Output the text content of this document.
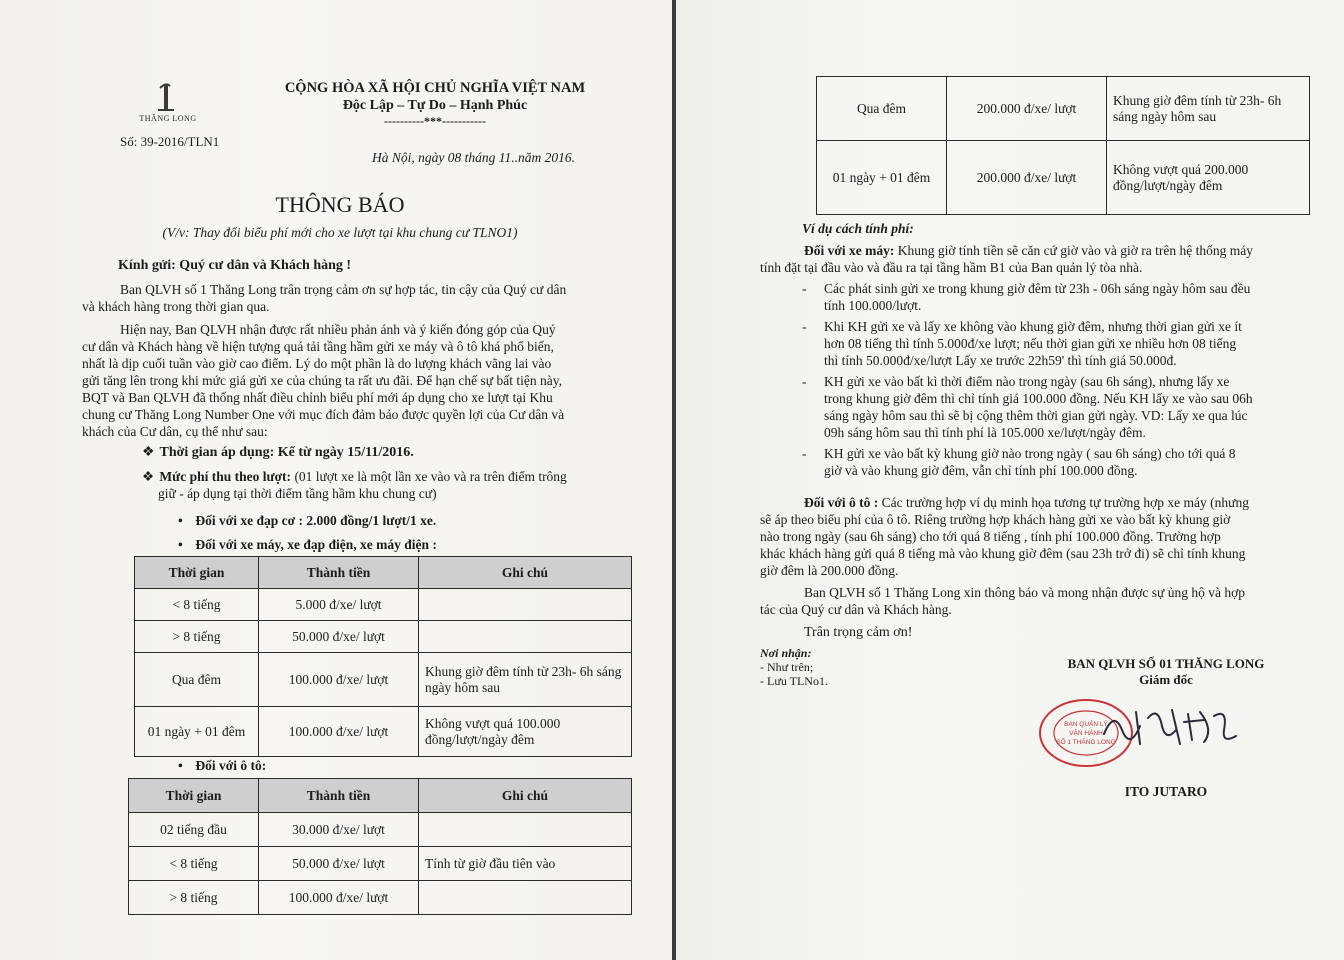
THĂNG LONG
Số: 39-2016/TLN1
CỘNG HÒA XÃ HỘI CHỦ NGHĨA VIỆT NAM
Độc Lập – Tự Do – Hạnh Phúc
----------***-----------
Hà Nội, ngày 08 tháng 11..năm 2016.
THÔNG BÁO
(V/v: Thay đổi biểu phí mới cho xe lượt tại khu chung cư TLNO1)
Kính gửi: Quý cư dân và Khách hàng !
Ban QLVH số 1 Thăng Long trân trọng cảm ơn sự hợp tác, tin cậy của Quý cư dân
và khách hàng trong thời gian qua.
Hiện nay, Ban QLVH nhận được rất nhiều phản ánh và ý kiến đóng góp của Quý
cư dân và Khách hàng về hiện tượng quá tải tầng hầm gửi xe máy và ô tô khá phổ biến,
nhất là dịp cuối tuần vào giờ cao điểm. Lý do một phần là do lượng khách vãng lai vào
gửi tăng lên trong khi mức giá gửi xe của chúng ta rất ưu đãi. Để hạn chế sự bất tiện này,
BQT và Ban QLVH đã thống nhất điều chỉnh biểu phí mới áp dụng cho xe lượt tại Khu
chung cư Thăng Long Number One với mục đích đảm bảo được quyền lợi của Cư dân và
khách của Cư dân, cụ thể như sau:
❖ Thời gian áp dụng: Kể từ ngày 15/11/2016.
❖ Mức phí thu theo lượt: (01 lượt xe là một lần xe vào và ra trên điểm trông
giữ - áp dụng tại thời điểm tầng hầm khu chung cư)
• Đối với xe đạp cơ : 2.000 đồng/1 lượt/1 xe.
• Đối với xe máy, xe đạp điện, xe máy điện :
Thời gian	Thành tiền	Ghi chú
< 8 tiếng	5.000 đ/xe/ lượt	
> 8 tiếng	50.000 đ/xe/ lượt	
Qua đêm	100.000 đ/xe/ lượt	Khung giờ đêm tính từ 23h- 6h sáng ngày hôm sau
01 ngày + 01 đêm	100.000 đ/xe/ lượt	Không vượt quá 100.000 đồng/lượt/ngày đêm
• Đối với ô tô:
Thời gian	Thành tiền	Ghi chú
02 tiếng đầu	30.000 đ/xe/ lượt	
< 8 tiếng	50.000 đ/xe/ lượt	Tính từ giờ đầu tiên vào
> 8 tiếng	100.000 đ/xe/ lượt	
Qua đêm	200.000 đ/xe/ lượt	Khung giờ đêm tính từ 23h- 6h sáng ngày hôm sau
01 ngày + 01 đêm	200.000 đ/xe/ lượt	Không vượt quá 200.000 đồng/lượt/ngày đêm
Ví dụ cách tính phí:
Đối với xe máy: Khung giờ tính tiền sẽ căn cứ giờ vào và giờ ra trên hệ thống máy
tính đặt tại đầu vào và đầu ra tại tầng hầm B1 của Ban quản lý tòa nhà.
- Các phát sinh gửi xe trong khung giờ đêm từ 23h - 06h sáng ngày hôm sau đều
tính 100.000/lượt.
- Khi KH gửi xe và lấy xe không vào khung giờ đêm, nhưng thời gian gửi xe ít
hơn 08 tiếng thì tính 5.000đ/xe lượt; nếu thời gian gửi xe nhiều hơn 08 tiếng
thì tính 50.000đ/xe/lượt Lấy xe trước 22h59' thì tính giá 50.000đ.
- KH gửi xe vào bất kì thời điểm nào trong ngày (sau 6h sáng), nhưng lấy xe
trong khung giờ đêm thì chỉ tính giá 100.000 đồng. Nếu KH lấy xe vào sau 06h
sáng ngày hôm sau thì sẽ bị cộng thêm thời gian gửi ngày. VD: Lấy xe qua lúc
09h sáng hôm sau thì tính phí là 105.000 xe/lượt/ngày đêm.
- KH gửi xe vào bất kỳ khung giờ nào trong ngày ( sau 6h sáng) cho tới quá 8
giờ và vào khung giờ đêm, vẫn chỉ tính phí 100.000 đồng.
Đối với ô tô : Các trường hợp ví dụ minh họa tương tự trường hợp xe máy (nhưng
sẽ áp theo biểu phí của ô tô. Riêng trường hợp khách hàng gửi xe vào bất kỳ khung giờ
nào trong ngày (sau 6h sáng) cho tới quá 8 tiếng , tính phí 100.000 đồng. Trường hợp
khác khách hàng gửi quá 8 tiếng mà vào khung giờ đêm (sau 23h trở đi) sẽ chỉ tính khung
giờ đêm là 200.000 đồng.
Ban QLVH số 1 Thăng Long xin thông báo và mong nhận được sự ủng hộ và hợp
tác của Quý cư dân và Khách hàng.
Trân trọng cảm ơn!
Nơi nhận:
- Như trên;
- Lưu TLNo1.
BAN QLVH SỐ 01 THĂNG LONG
Giám đốc
BAN QUẢN LÝ
VẬN HÀNH
SỐ 1 THĂNG LONG
ITO JUTARO
